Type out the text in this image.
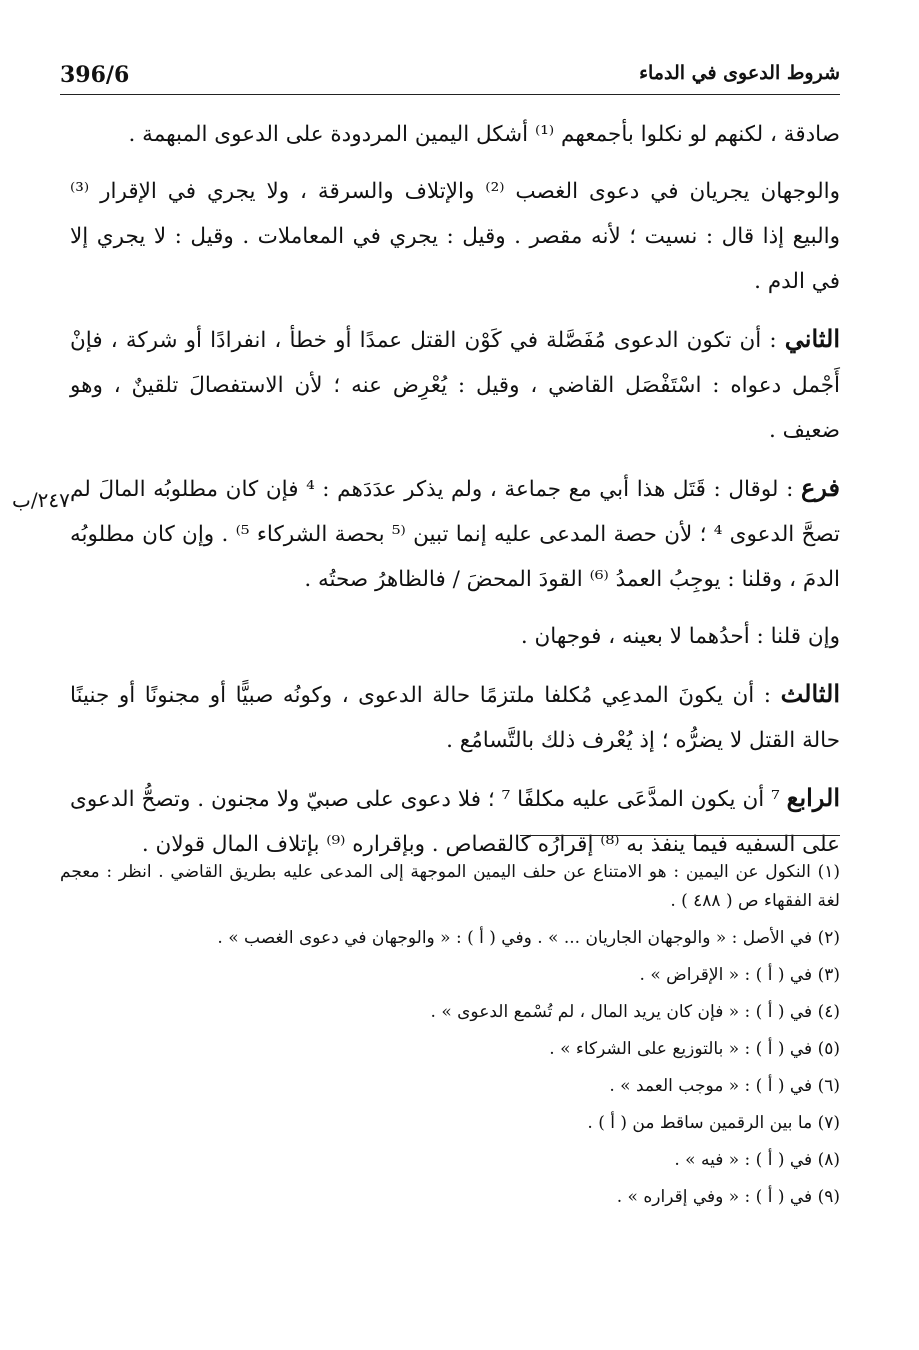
396/6	شروط الدعوى في الدماء
٢٤٧/ب

صادقة ، لكنهم لو نكلوا بأجمعهم ⁽¹⁾ أشكل اليمين المردودة على الدعوى المبهمة .

والوجهان يجريان في دعوى الغصب ⁽²⁾ والإتلاف والسرقة ، ولا يجري في الإقرار ⁽³⁾ والبيع إذا قال : نسيت ؛ لأنه مقصر . وقيل : يجري في المعاملات . وقيل : لا يجري إلا في الدم .

الثاني : أن تكون الدعوى مُفَصَّلة في كَوْن القتل عمدًا أو خطأ ، انفرادًا أو شركة ، فإنْ أَجْمل دعواه : اسْتَفْصَل القاضي ، وقيل : يُعْرِض عنه ؛ لأن الاستفصالَ تلقينٌ ، وهو ضعيف .

فرع : لوقال : قَتَل هذا أبي مع جماعة ، ولم يذكر عدَدَهم : ⁴ فإن كان مطلوبُه المالَ لم تصحَّ الدعوى ⁴ ؛ لأن حصة المدعى عليه إنما تبين ⁽⁵ بحصة الشركاء ⁵⁾ . وإن كان مطلوبُه الدمَ ، وقلنا : يوجِبُ العمدُ ⁽⁶⁾ القودَ المحضَ / فالظاهرُ صحتُه .

وإن قلنا : أحدُهما لا بعينه ، فوجهان .

الثالث : أن يكونَ المدعِي مُكلفا ملتزمًا حالة الدعوى ، وكونُه صبيًّا أو مجنونًا أو جنينًا حالة القتل لا يضرُّه ؛ إذ يُعْرف ذلك بالتَّسامُع .

الرابع ⁷ أن يكون المدَّعَى عليه مكلفًا ⁷ ؛ فلا دعوى على صبيّ ولا مجنون . وتصحُّ الدعوى على السفيه فيما ينفذ به ⁽⁸⁾ إقرارُه كالقصاص . وبإقراره ⁽⁹⁾ بإتلاف المال قولان .

(١) النكول عن اليمين : هو الامتناع عن حلف اليمين الموجهة إلى المدعى عليه بطريق القاضي . انظر : معجم لغة الفقهاء ص ( ٤٨٨ ) .
(٢) في الأصل : « والوجهان الجاريان ... » . وفي ( أ ) : « والوجهان في دعوى الغصب » .
(٣) في ( أ ) : « الإقراض » .
(٤) في ( أ ) : « فإن كان يريد المال ، لم تُسْمع الدعوى » .
(٥) في ( أ ) : « بالتوزيع على الشركاء » .
(٦) في ( أ ) : « موجب العمد » .
(٧) ما بين الرقمين ساقط من ( أ ) .
(٨) في ( أ ) : « فيه » .
(٩) في ( أ ) : « وفي إقراره » .
